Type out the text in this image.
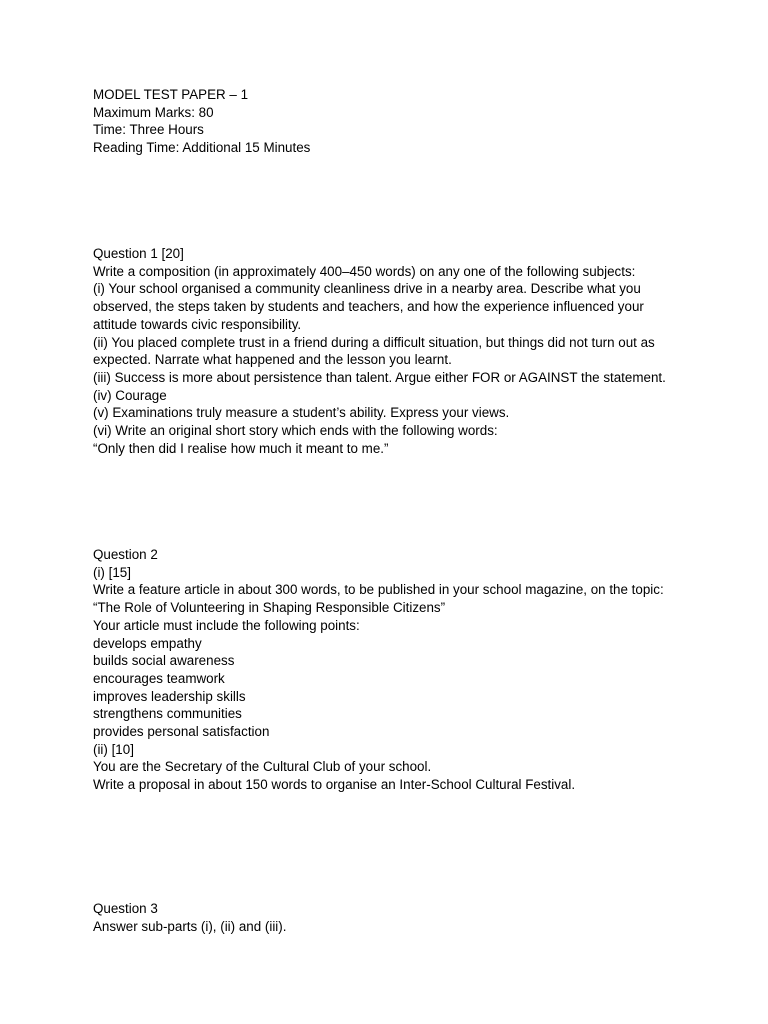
MODEL TEST PAPER – 1
Maximum Marks: 80
Time: Three Hours
Reading Time: Additional 15 Minutes
Question 1 [20]
Write a composition (in approximately 400–450 words) on any one of the following subjects:
(i) Your school organised a community cleanliness drive in a nearby area. Describe what you observed, the steps taken by students and teachers, and how the experience influenced your attitude towards civic responsibility.
(ii) You placed complete trust in a friend during a difficult situation, but things did not turn out as expected. Narrate what happened and the lesson you learnt.
(iii) Success is more about persistence than talent. Argue either FOR or AGAINST the statement.
(iv) Courage
(v) Examinations truly measure a student’s ability. Express your views.
(vi) Write an original short story which ends with the following words:
“Only then did I realise how much it meant to me.”
Question 2
(i) [15]
Write a feature article in about 300 words, to be published in your school magazine, on the topic:
“The Role of Volunteering in Shaping Responsible Citizens”
Your article must include the following points:
develops empathy
builds social awareness
encourages teamwork
improves leadership skills
strengthens communities
provides personal satisfaction
(ii) [10]
You are the Secretary of the Cultural Club of your school.
Write a proposal in about 150 words to organise an Inter-School Cultural Festival.
Question 3
Answer sub-parts (i), (ii) and (iii).
